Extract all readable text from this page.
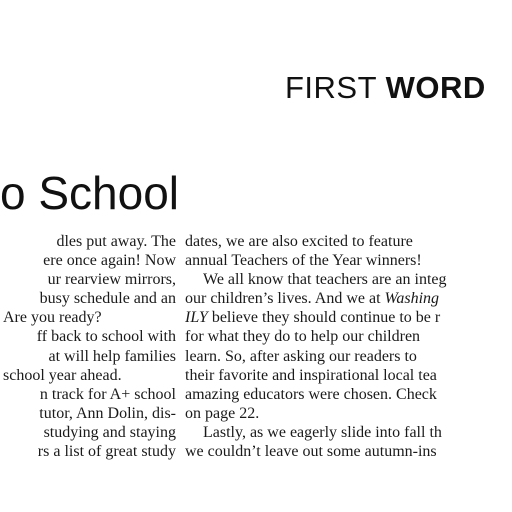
FIRST WORD
o School
dles put away. The
ere once again! Now
ur rearview mirrors,
busy schedule and an
Are you ready?
ff back to school with
at will help families
school year ahead.
n track for A+ school
tutor, Ann Dolin, dis-
studying and staying
rs a list of great study
dates, we are also excited to feature
annual Teachers of the Year winners!
We all know that teachers are an integ
our children’s lives. And we at Washing
ILY believe they should continue to be r
for what they do to help our children
learn. So, after asking our readers to
their favorite and inspirational local tea
amazing educators were chosen. Check
on page 22.
Lastly, as we eagerly slide into fall th
we couldn’t leave out some autumn-ins
